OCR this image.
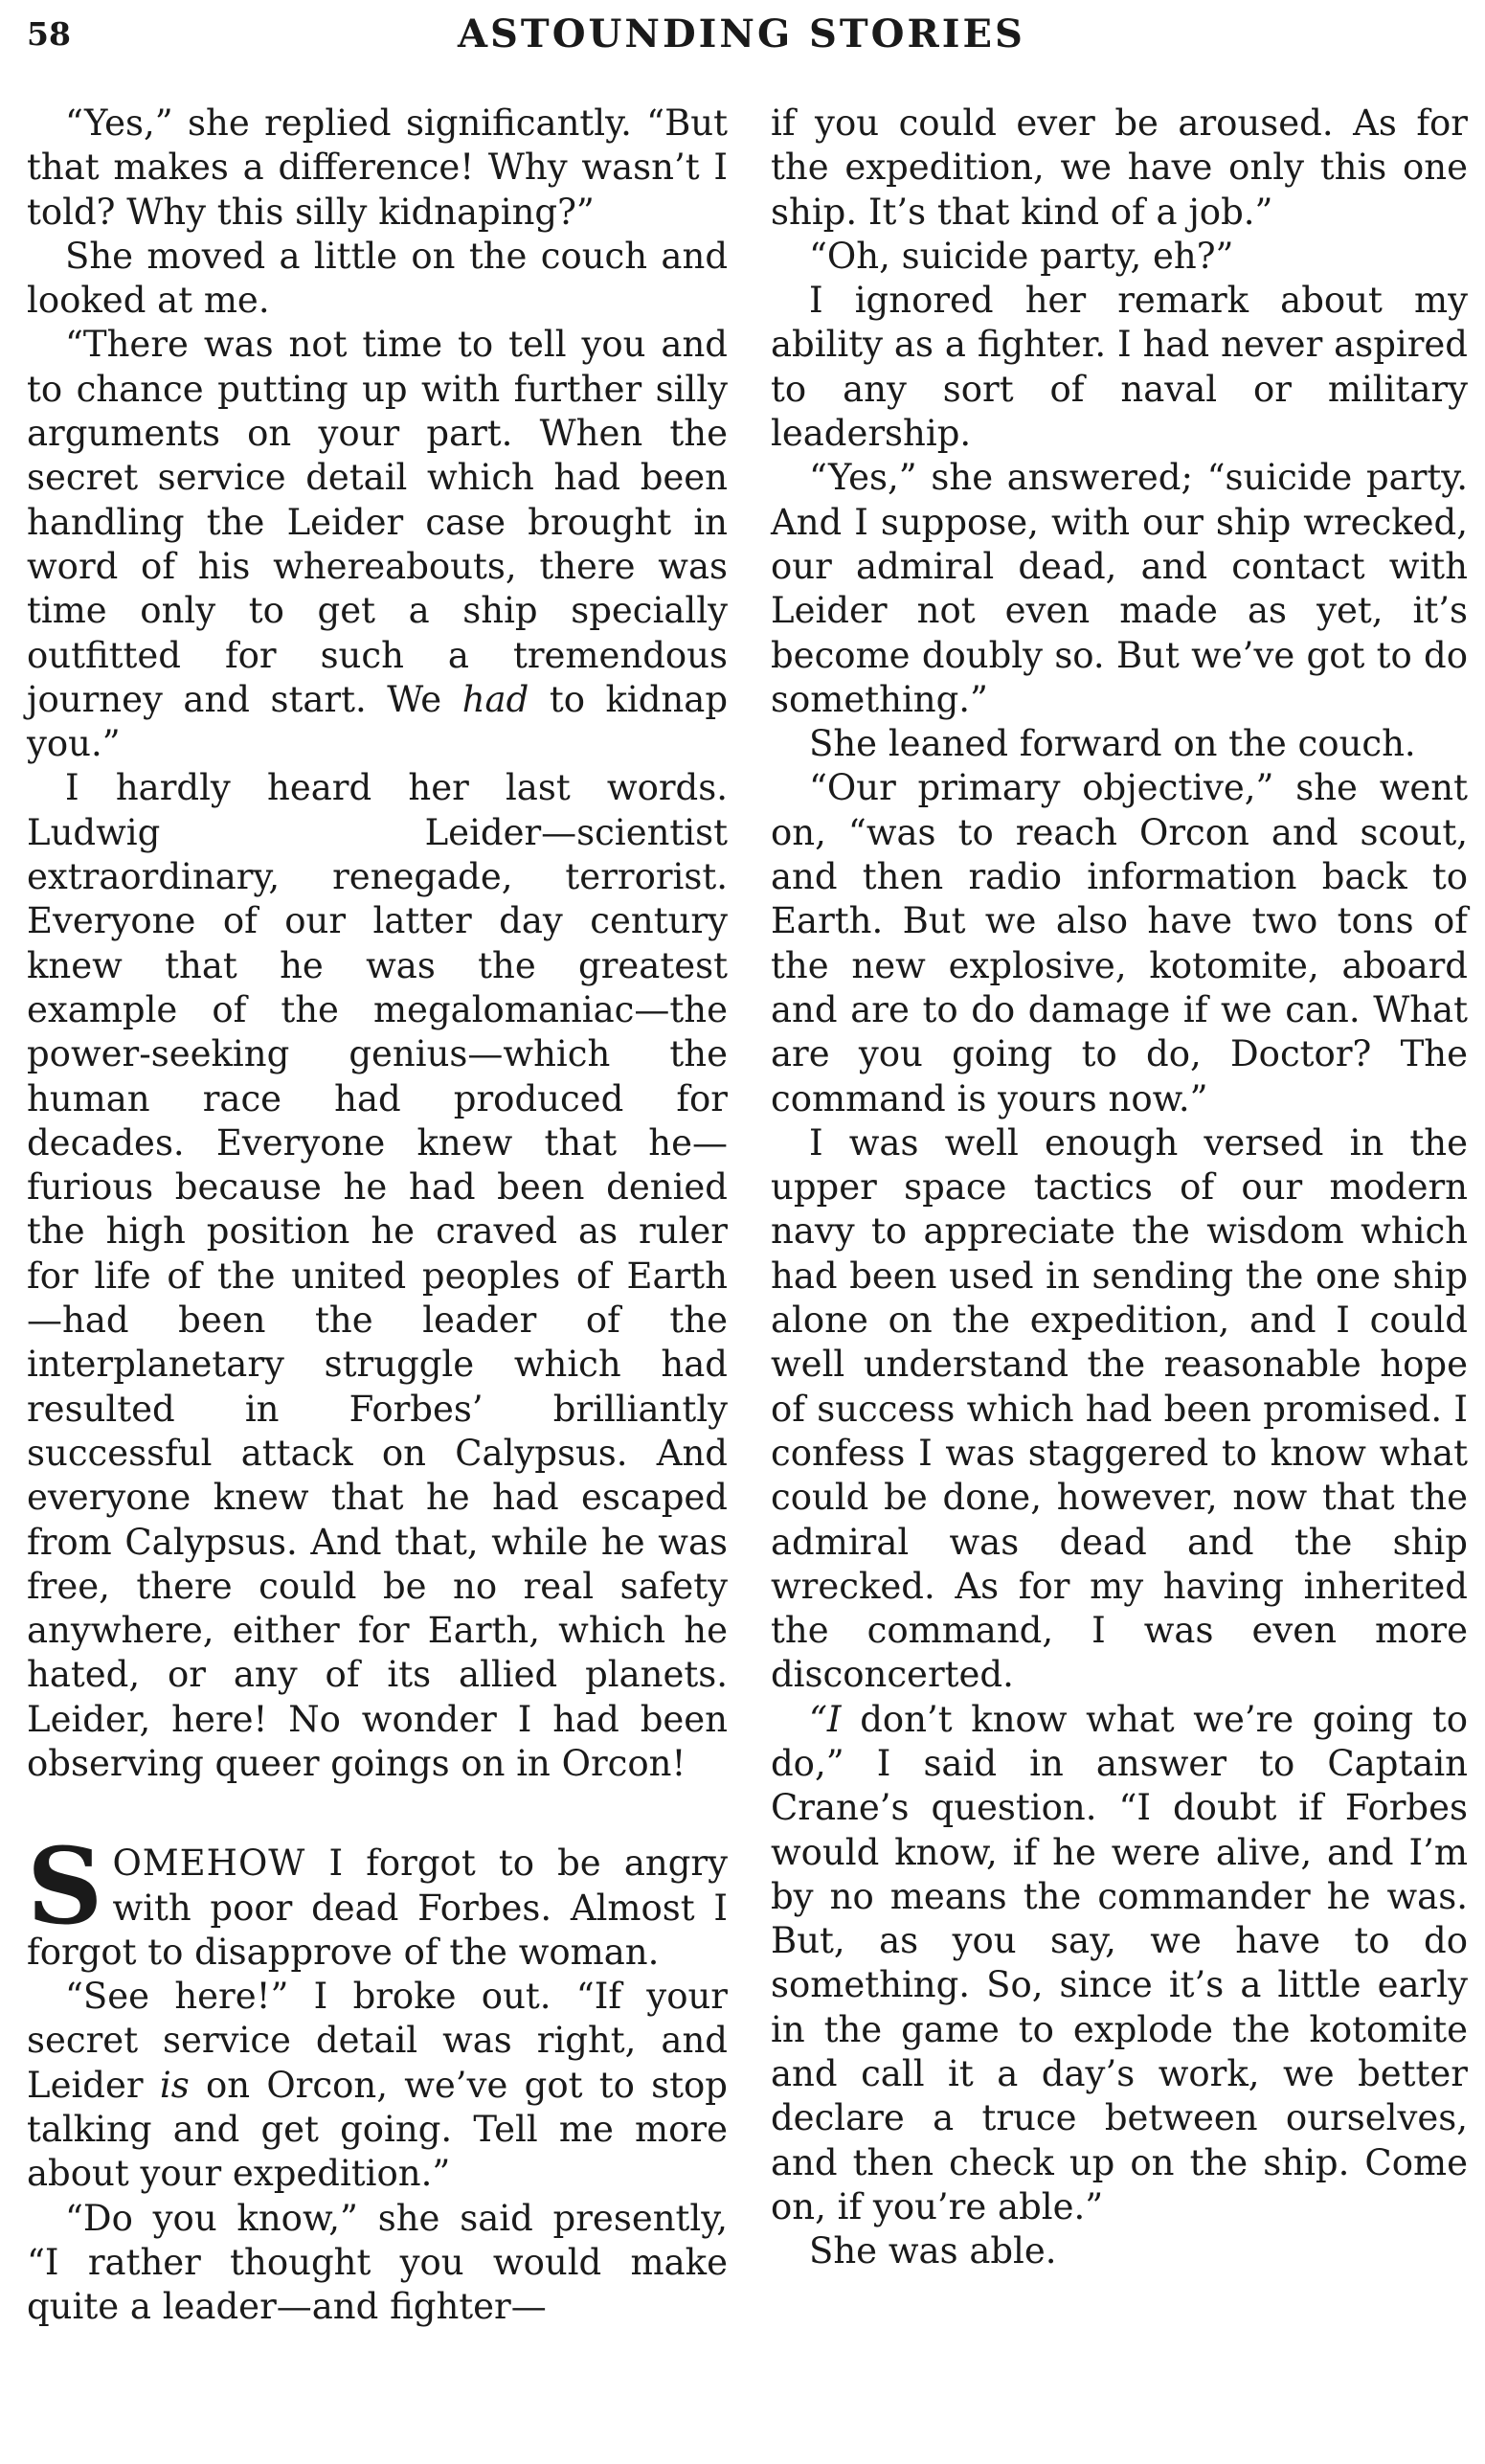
58	ASTOUNDING STORIES

“Yes,” she replied significantly. “But that makes a difference! Why wasn’t I told? Why this silly kidnaping?”

She moved a little on the couch and looked at me.

“There was not time to tell you and to chance putting up with further silly arguments on your part. When the secret service detail which had been handling the Leider case brought in word of his whereabouts, there was time only to get a ship specially outfitted for such a tremendous journey and start. We had to kidnap you.”

I hardly heard her last words. Ludwig Leider—scientist extraordinary, renegade, terrorist. Everyone of our latter day century knew that he was the greatest example of the megalomaniac—the power-seeking genius—which the human race had produced for decades. Everyone knew that he—furious because he had been denied the high position he craved as ruler for life of the united peoples of Earth—had been the leader of the interplanetary struggle which had resulted in Forbes’ brilliantly successful attack on Calypsus. And everyone knew that he had escaped from Calypsus. And that, while he was free, there could be no real safety anywhere, either for Earth, which he hated, or any of its allied planets. Leider, here! No wonder I had been observing queer goings on in Orcon!

SOMEHOW I forgot to be angry with poor dead Forbes. Almost I forgot to disapprove of the woman.

“See here!” I broke out. “If your secret service detail was right, and Leider is on Orcon, we’ve got to stop talking and get going. Tell me more about your expedition.”

“Do you know,” she said presently, “I rather thought you would make quite a leader—and fighter—

if you could ever be aroused. As for the expedition, we have only this one ship. It’s that kind of a job.”

“Oh, suicide party, eh?”

I ignored her remark about my ability as a fighter. I had never aspired to any sort of naval or military leadership.

“Yes,” she answered; “suicide party. And I suppose, with our ship wrecked, our admiral dead, and contact with Leider not even made as yet, it’s become doubly so. But we’ve got to do something.”

She leaned forward on the couch.

“Our primary objective,” she went on, “was to reach Orcon and scout, and then radio information back to Earth. But we also have two tons of the new explosive, kotomite, aboard and are to do damage if we can. What are you going to do, Doctor? The command is yours now.”

I was well enough versed in the upper space tactics of our modern navy to appreciate the wisdom which had been used in sending the one ship alone on the expedition, and I could well understand the reasonable hope of success which had been promised. I confess I was staggered to know what could be done, however, now that the admiral was dead and the ship wrecked. As for my having inherited the command, I was even more disconcerted.

“I don’t know what we’re going to do,” I said in answer to Captain Crane’s question. “I doubt if Forbes would know, if he were alive, and I’m by no means the commander he was. But, as you say, we have to do something. So, since it’s a little early in the game to explode the kotomite and call it a day’s work, we better declare a truce between ourselves, and then check up on the ship. Come on, if you’re able.”

She was able.
